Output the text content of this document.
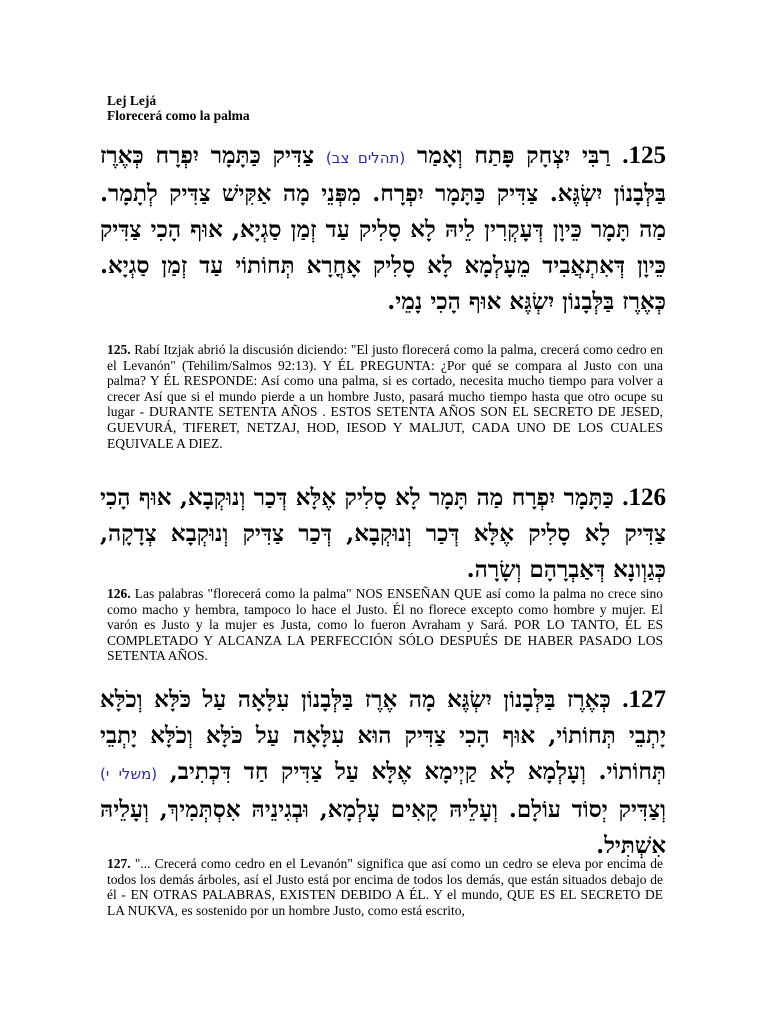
Lej Lejá
Florecerá como la palma
125. רַבִּי יִצְחָק פָּתַח וְאָמַר (תהלים צב) צַדִּיק כַּתָּמָר יִפְרָח כְּאֶרֶז בַּלְּבָנוֹן יִשְׂגֶּא. צַדִּיק כַּתָּמָר יִפְרָח. מִפְּנֵי מָה אַקִּישׁ צַדִּיק לְתָמָר. מַה תָּמָר כֵּיוָן דְּעָקְרִין לֵיהּ לָא סָלִיק עַד זְמַן סַגְיָא, אוּף הָכִי צַדִּיק כֵּיוָן דְּאִתְאֲבִיד מֵעָלְמָא לָא סָלִיק אָחֳרָא תְּחוֹתוֹי עַד זְמַן סַגְיָא. כְּאֶרֶז בַּלְּבָנוֹן יִשְׂגֶּא אוּף הָכִי נָמֵי.
125. Rabí Itzjak abrió la discusión diciendo: "El justo florecerá como la palma, crecerá como cedro en el Levanón" (Tehilim/Salmos 92:13). Y ÉL PREGUNTA: ¿Por qué se compara al Justo con una palma? Y ÉL RESPONDE: Así como una palma, si es cortado, necesita mucho tiempo para volver a crecer Así que si el mundo pierde a un hombre Justo, pasará mucho tiempo hasta que otro ocupe su lugar - DURANTE SETENTA AÑOS . ESTOS SETENTA AÑOS SON EL SECRETO DE JESED, GUEVURÁ, TIFERET, NETZAJ, HOD, IESOD Y MALJUT, CADA UNO DE LOS CUALES EQUIVALE A DIEZ.
126. כַּתָּמָר יִפְרָח מַה תָּמָר לָא סָלִיק אֶלָּא דְּכַר וְנוּקְבָא, אוּף הָכִי צַדִּיק לָא סָלִיק אֶלָּא דְּכַר וְנוּקְבָא, דְּכַר צַדִּיק וְנוּקְבָא צְדָקָה, כְּגַוְונָא דְּאַבְרָהָם וְשָׂרָה.
126. Las palabras "florecerá como la palma" NOS ENSEÑAN QUE así como la palma no crece sino como macho y hembra, tampoco lo hace el Justo. Él no florece excepto como hombre y mujer. El varón es Justo y la mujer es Justa, como lo fueron Avraham y Sará. POR LO TANTO, ÉL ES COMPLETADO Y ALCANZA LA PERFECCIÓN SÓLO DESPUÉS DE HABER PASADO LOS SETENTA AÑOS.
127. כְּאֶרֶז בַּלְּבָנוֹן יִשְׂגֶּא מָה אֶרֶז בַּלְּבָנוֹן עִלָּאָה עַל כֹּלָּא וְכֹלָּא יָתְבֵי תְּחוֹתוֹי, אוּף הָכִי צַדִּיק הוּא עִלָּאָה עַל כֹּלָּא וְכֹלָּא יָתְבֵי תְּחוֹתוֹי. וְעָלְמָא לָא קַיְימָא אֶלָּא עַל צַדִּיק חַד דִּכְתִיב, (משלי י) וְצַדִּיק יְסוֹד עוֹלָם. וְעָלֵיהּ קָאִים עָלְמָא, וּבְגִינֵיהּ אִסְתְּמִיךְ, וְעָלֵיהּ אִשְׁתִּיל.
127. "... Crecerá como cedro en el Levanón" significa que así como un cedro se eleva por encima de todos los demás árboles, así el Justo está por encima de todos los demás, que están situados debajo de él - EN OTRAS PALABRAS, EXISTEN DEBIDO A ÉL. Y el mundo, QUE ES EL SECRETO DE LA NUKVA, es sostenido por un hombre Justo, como está escrito,
